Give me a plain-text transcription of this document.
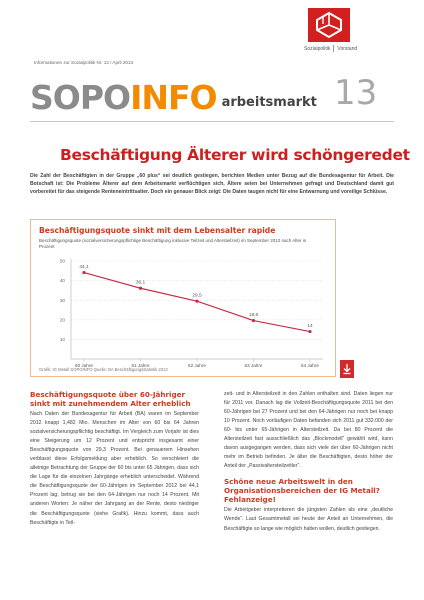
Sozialpolitik Vorstand
Informationen zur Sozialpolitik Nr. 13 / April 2013
SOPO INFO arbeitsmarkt 13
Beschäftigung Älterer wird schöngeredet

Die Zahl der Beschäftigten in der Gruppe „60 plus“ sei deutlich gestiegen, berichten Medien unter Bezug auf die Bundesagentur für Arbeit. Die Botschaft ist: Die Probleme Älterer auf dem Arbeitsmarkt verflüchtigen sich, Ältere seien bei Unternehmen gefragt und Deutschland damit gut vorbereitet für das steigende Renteneintrittsalter. Doch ein genauer Blick zeigt: Die Daten taugen nicht für eine Entwarnung und voreilige Schlüsse.

Beschäftigungsquote sinkt mit dem Lebensalter rapide
Beschäftigungsquote (sozialversicherungspflichtige Beschäftigung inklusive Teilzeit und Altersteilzeit) im September 2012 nach Alter in Prozent
10
20
30
40
50
44,1
60 Jahre
36,1
61 Jahre
29,5
62 Jahre
19,6
63 Jahre
14
64 Jahre
Grafik: IG Metall SOPOINFO Quelle: BA Beschäftigungsstatistik 2013
Beschäftigungsquote über 60-Jähriger sinkt mit zunehmendem Alter erheblich

Nach Daten der Bundesagentur für Arbeit (BA) waren im September 2012 knapp 1,482 Mio. Menschen im Alter von 60 bis 64 Jahren sozialversicherungspflichtig beschäftigt. Im Vergleich zum Vorjahr ist dies eine Steigerung um 12 Prozent und entspricht insgesamt einer Beschäftigungsquote von 29,3 Prozent. Bei genauerem Hinsehen verblasst diese Erfolgsmeldung aber erheblich. So verschleiert die alleinige Betrachtung der Gruppe der 60 bis unter 65 Jährigen, dass sich die Lage für die einzelnen Jahrgänge erheblich unterscheidet. Während die Beschäftigungsquote der 60-Jährigen im September 2012 bei 44,1 Prozent lag, betrug sie bei den 64-Jährigen nur noch 14 Prozent. Mit anderen Worten: Je näher der Jahrgang an der Rente, desto niedriger die Beschäftigungsquote (siehe Grafik). Hinzu kommt, dass auch Beschäftigte in Teil-

zeit- und in Altersteilzeit in den Zahlen enthalten sind. Daten liegen nur für 2011 vor. Danach lag die Vollzeit-Beschäftigungsquote 2011 bei den 60-Jährigen bei 27 Prozent und bei den 64-Jährigen nur noch bei knapp 10 Prozent. Noch vorläufigen Daten befanden sich 2011 gut 332.000 der 60- bis unter 65-Jährigen in Altersteilzeit. Da bei 80 Prozent die Altersteilzeit fast ausschließlich das „Blockmodell“ gewählt wird, kann davon ausgegangen werden, dass sich viele der über 60-Jährigen nicht mehr im Betrieb befinden. Je älter die Beschäftigten, desto höher der Anteil der „Passivaltersteilzeitler“.

Schöne neue Arbeitswelt in den Organisationsbereichen der IG Metall? Fehlanzeige!

Die Arbeitgeber interpretieren die jüngsten Zahlen als eine „deutliche Wende“. Laut Gesamtmetall sei heute der Anteil an Unternehmen, die Beschäftigte so lange wie möglich halten wollen, deutlich gestiegen.
